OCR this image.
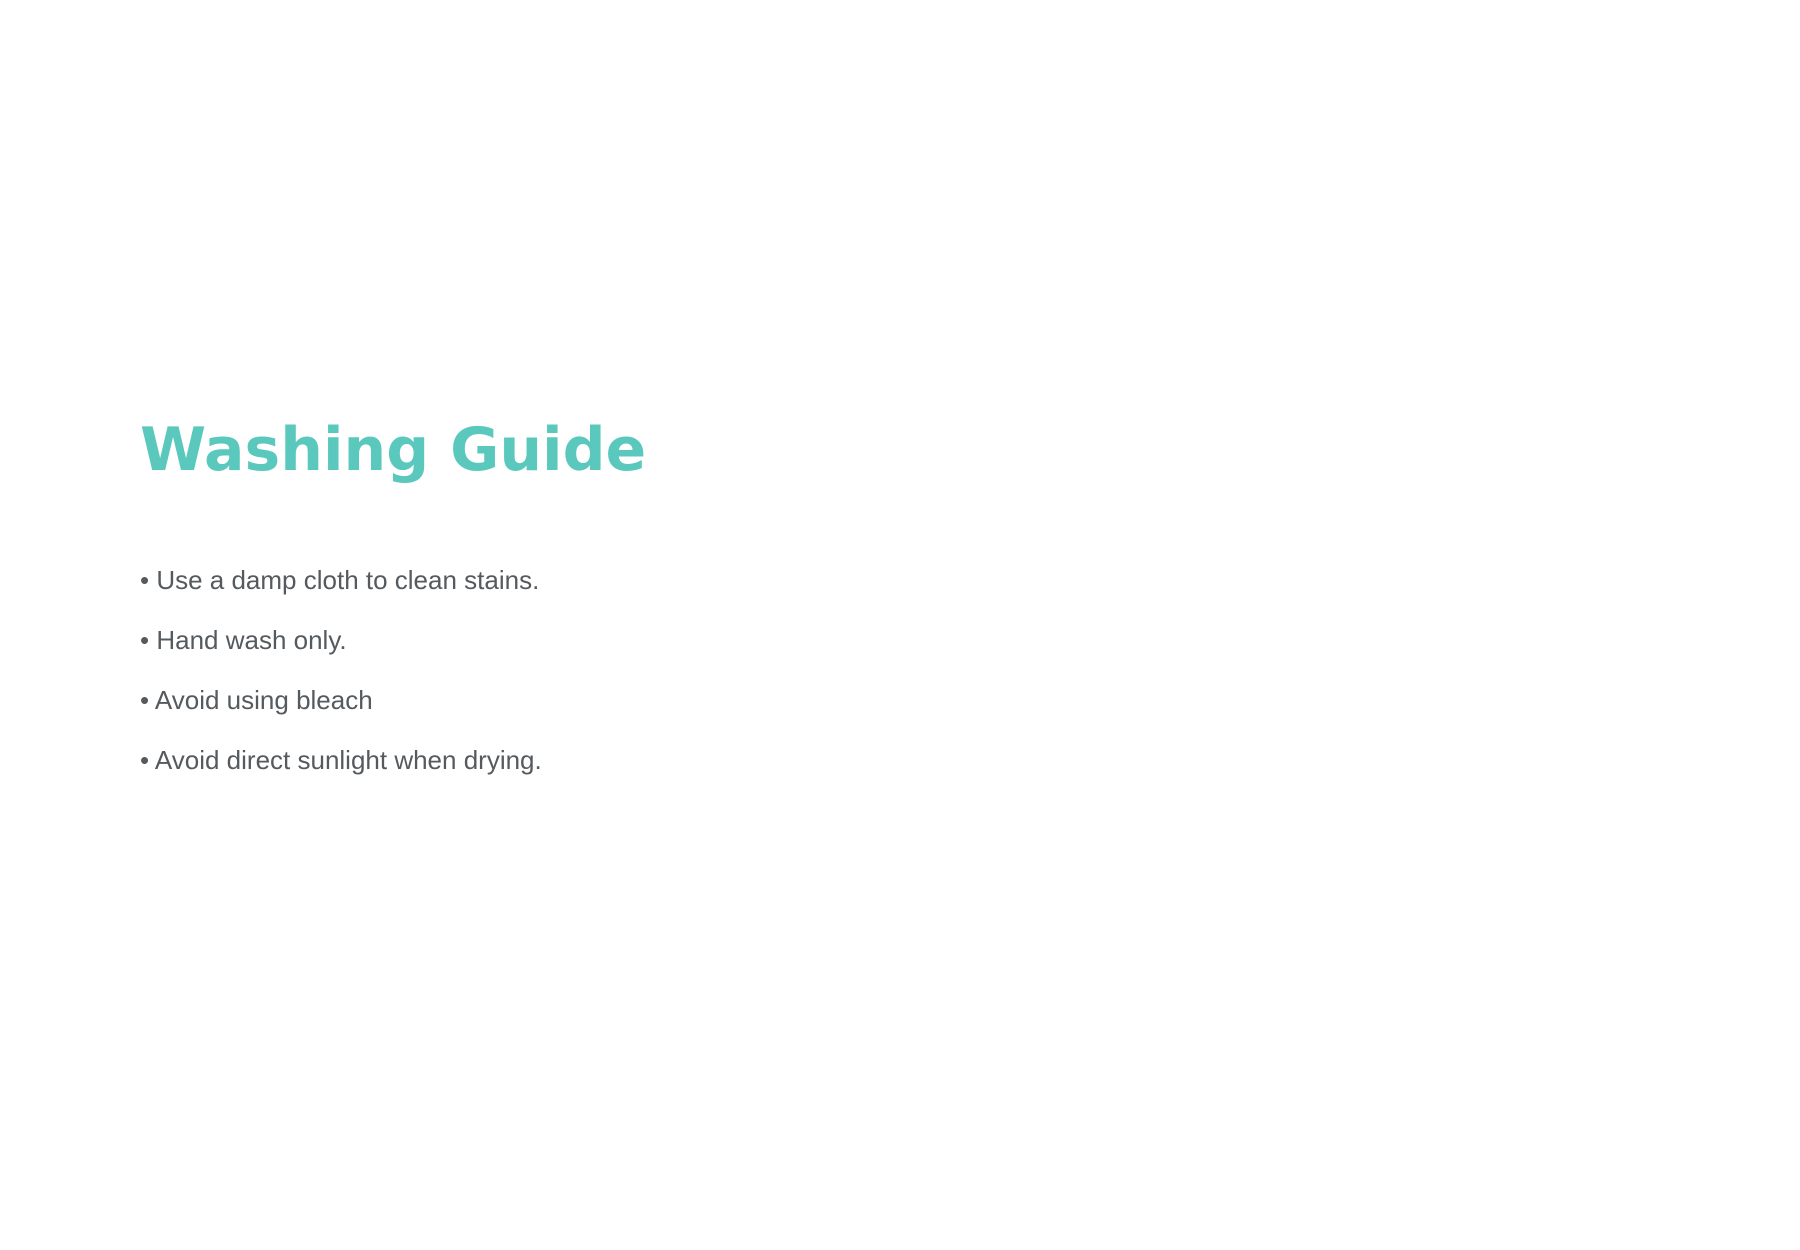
Washing Guide
• Use a damp cloth to clean stains.
• Hand wash only.
• Avoid using bleach
• Avoid direct sunlight when drying.
